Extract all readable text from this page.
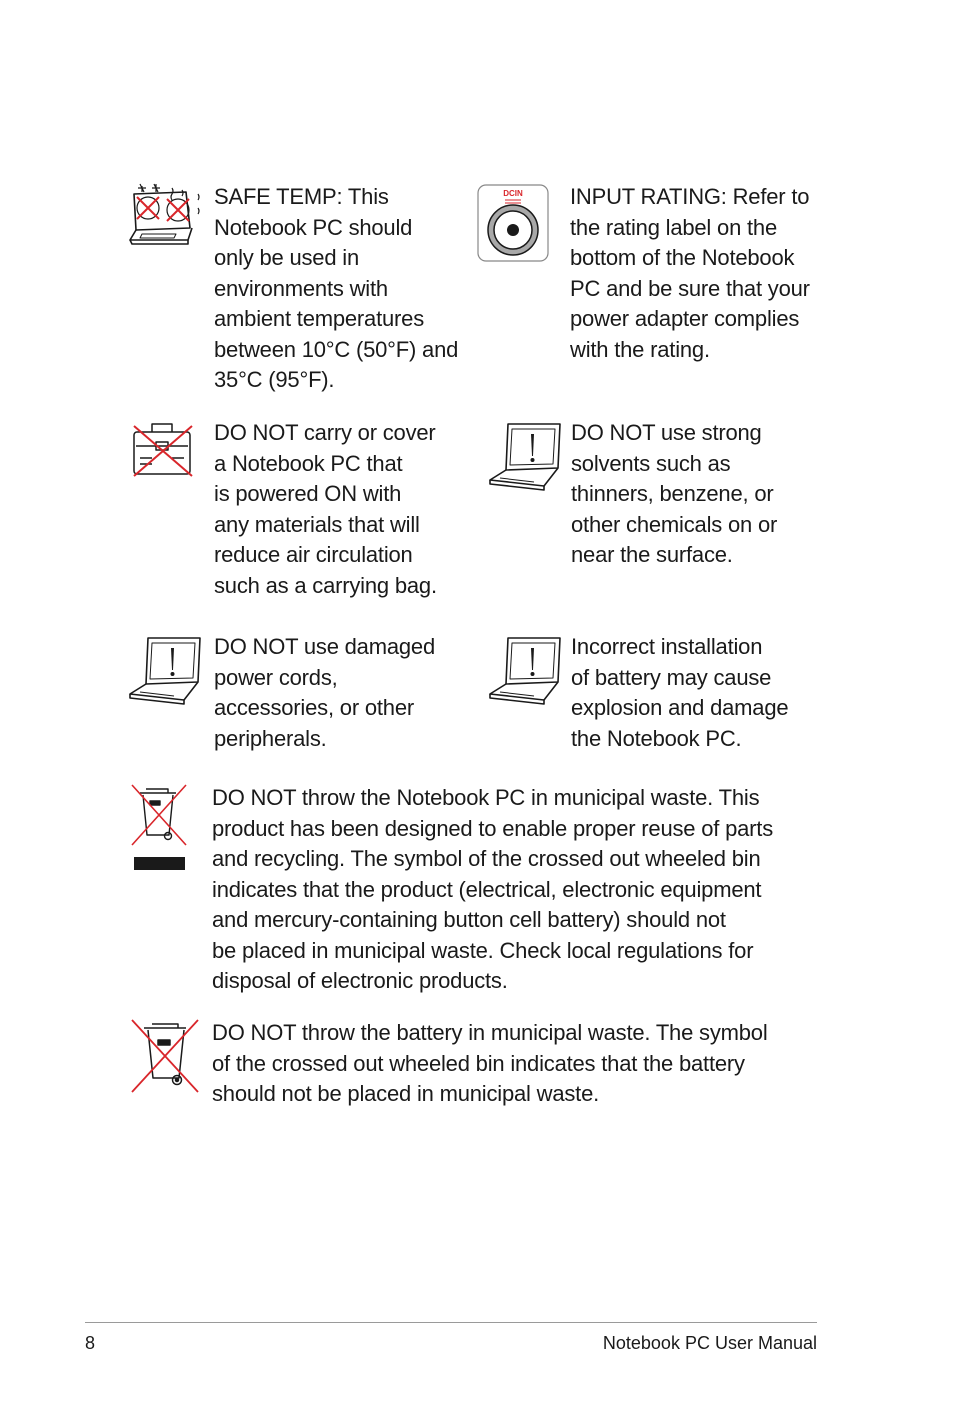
SAFE TEMP: This
Notebook PC should
only be used in
environments with
ambient temperatures
between 10°C (50°F) and
35°C (95°F).
DCIN INPUT RATING: Refer to
the rating label on the
bottom of the Notebook
PC and be sure that your
power adapter complies
with the rating.
DO NOT carry or cover
a Notebook PC that
is powered ON with
any materials that will
reduce air circulation
such as a carrying bag.
DO NOT use strong
solvents such as
thinners, benzene, or
other chemicals on or
near the surface.
DO NOT use damaged
power cords,
accessories, or other
peripherals.
Incorrect installation
of battery may cause
explosion and damage
the Notebook PC.
DO NOT throw the Notebook PC in municipal waste. This
product has been designed to enable proper reuse of parts
and recycling. The symbol of the crossed out wheeled bin
indicates that the product (electrical, electronic equipment
and mercury-containing button cell battery) should not
be placed in municipal waste. Check local regulations for
disposal of electronic products.
DO NOT throw the battery in municipal waste. The symbol
of the crossed out wheeled bin indicates that the battery
should not be placed in municipal waste.
8	Notebook PC User Manual
